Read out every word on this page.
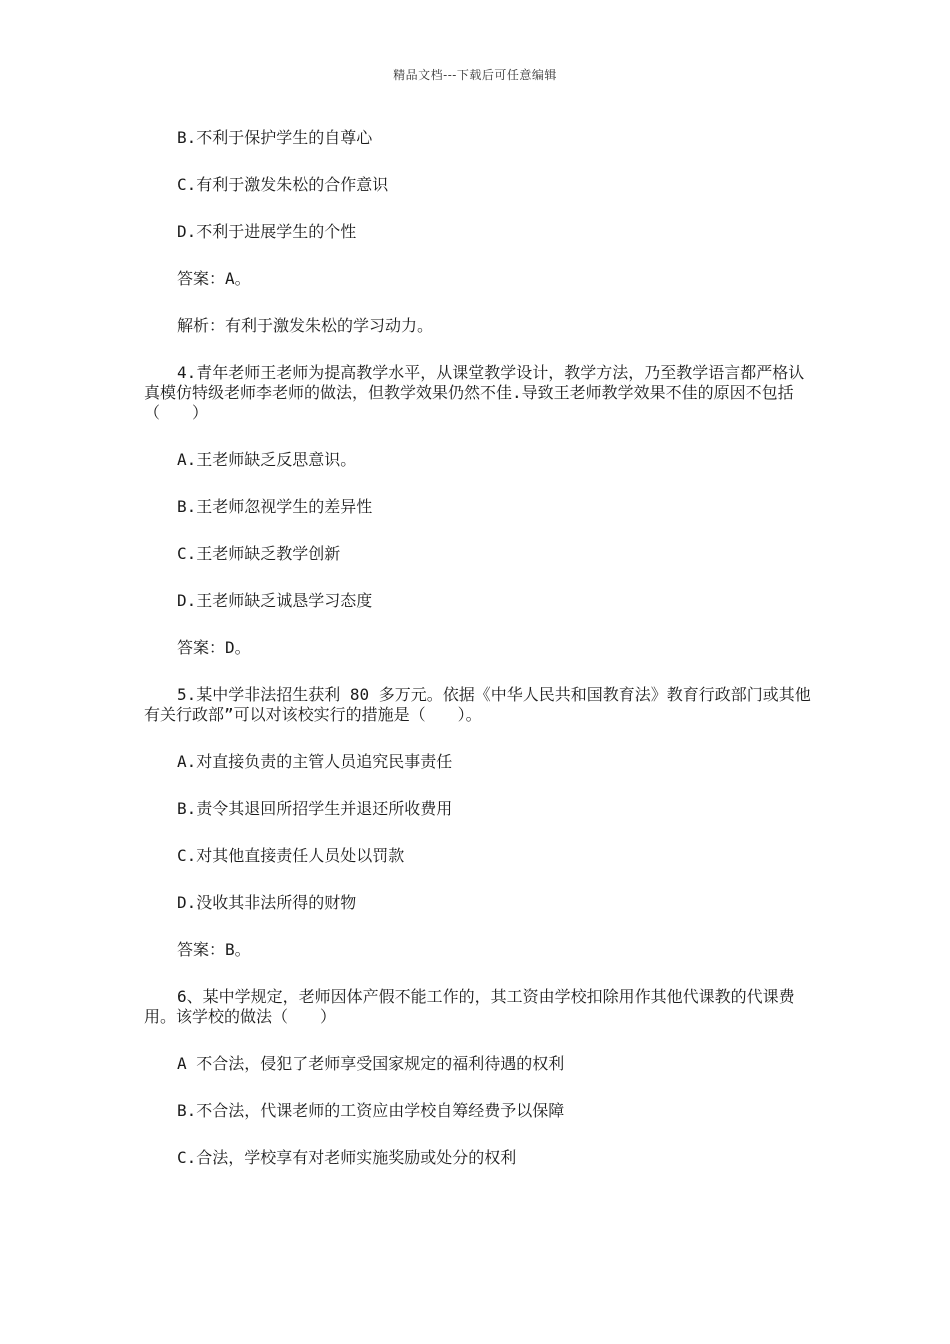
精品文档---下载后可任意编辑

B.不利于保护学生的自尊心

C.有利于激发朱松的合作意识

D.不利于进展学生的个性

答案：A。

解析：有利于激发朱松的学习动力。

4.青年老师王老师为提高教学水平，从课堂教学设计，教学方法，乃至教学语言都严格认真模仿特级老师李老师的做法，但教学效果仍然不佳.导致王老师教学效果不佳的原因不包括（　　）

A.王老师缺乏反思意识。

B.王老师忽视学生的差异性

C.王老师缺乏教学创新

D.王老师缺乏诚恳学习态度

答案：D。

5.某中学非法招生获利 80 多万元。依据《中华人民共和国教育法》教育行政部门或其他有关行政部”可以对该校实行的措施是（　　）。

A.对直接负责的主管人员追究民事责任

B.责令其退回所招学生并退还所收费用

C.对其他直接责任人员处以罚款

D.没收其非法所得的财物

答案：B。

6、某中学规定，老师因体产假不能工作的，其工资由学校扣除用作其他代课教的代课费用。该学校的做法（　　）

A 不合法，侵犯了老师享受国家规定的福利待遇的权利

B.不合法，代课老师的工资应由学校自筹经费予以保障

C.合法，学校享有对老师实施奖励或处分的权利
